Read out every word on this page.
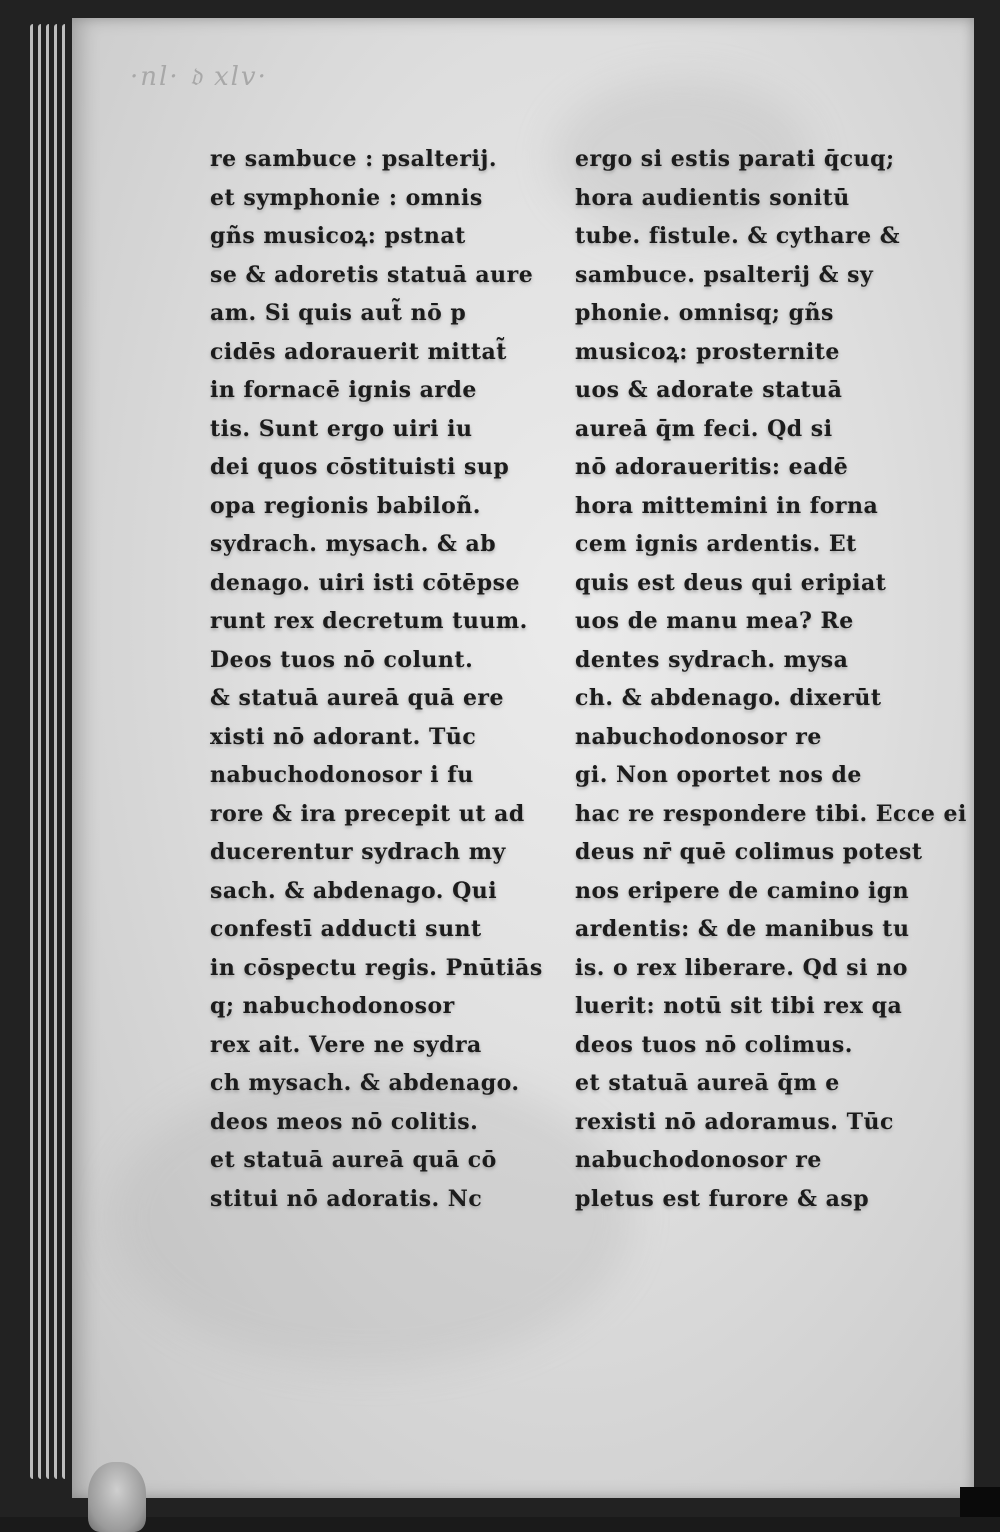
·nl· 𝔡 xlv·
re sambuce : psalterij.
et symphonie : omnis
gñs musicoꝝ: pstnat
se & adoretis statuā aure
am. Si quis aut̃ nō p
cidēs adorauerit mittat̃
in fornacē ignis arde
tis. Sunt ergo uiri iu
dei quos cōstituisti sup
opa regionis babiloñ.
sydrach. mysach. & ab
denago. uiri isti cōtēpse
runt rex decretum tuum.
Deos tuos nō colunt.
& statuā aureā quā ere
xisti nō adorant. Tūc
nabuchodonosor i fu
rore & ira precepit ut ad
ducerentur sydrach my
sach. & abdenago. Qui
confestī adducti sunt
in cōspectu regis. Pnūtiās
q; nabuchodonosor
rex ait. Vere ne sydra
ch mysach. & abdenago.
deos meos nō colitis.
et statuā aureā quā cō
stitui nō adoratis. Nc
ergo si estis parati q̄cuq;
hora audientis sonitū
tube. fistule. & cythare &
sambuce. psalterij & sy
phonie. omnisq; gñs
musicoꝝ: prosternite
uos & adorate statuā
aureā q̄m feci. Qd si
nō adoraueritis: eadē
hora mittemini in forna
cem ignis ardentis. Et
quis est deus qui eripiat
uos de manu mea? Re
dentes sydrach. mysa
ch. & abdenago. dixerūt
nabuchodonosor re
gi. Non oportet nos de
hac re respondere tibi. Ecce ei
deus nr̄ quē colimus potest
nos eripere de camino ign
ardentis: & de manibus tu
is. o rex liberare. Qd si no
luerit: notū sit tibi rex qa
deos tuos nō colimus.
et statuā aureā q̄m e
rexisti nō adoramus. Tūc
nabuchodonosor re
pletus est furore & asp
